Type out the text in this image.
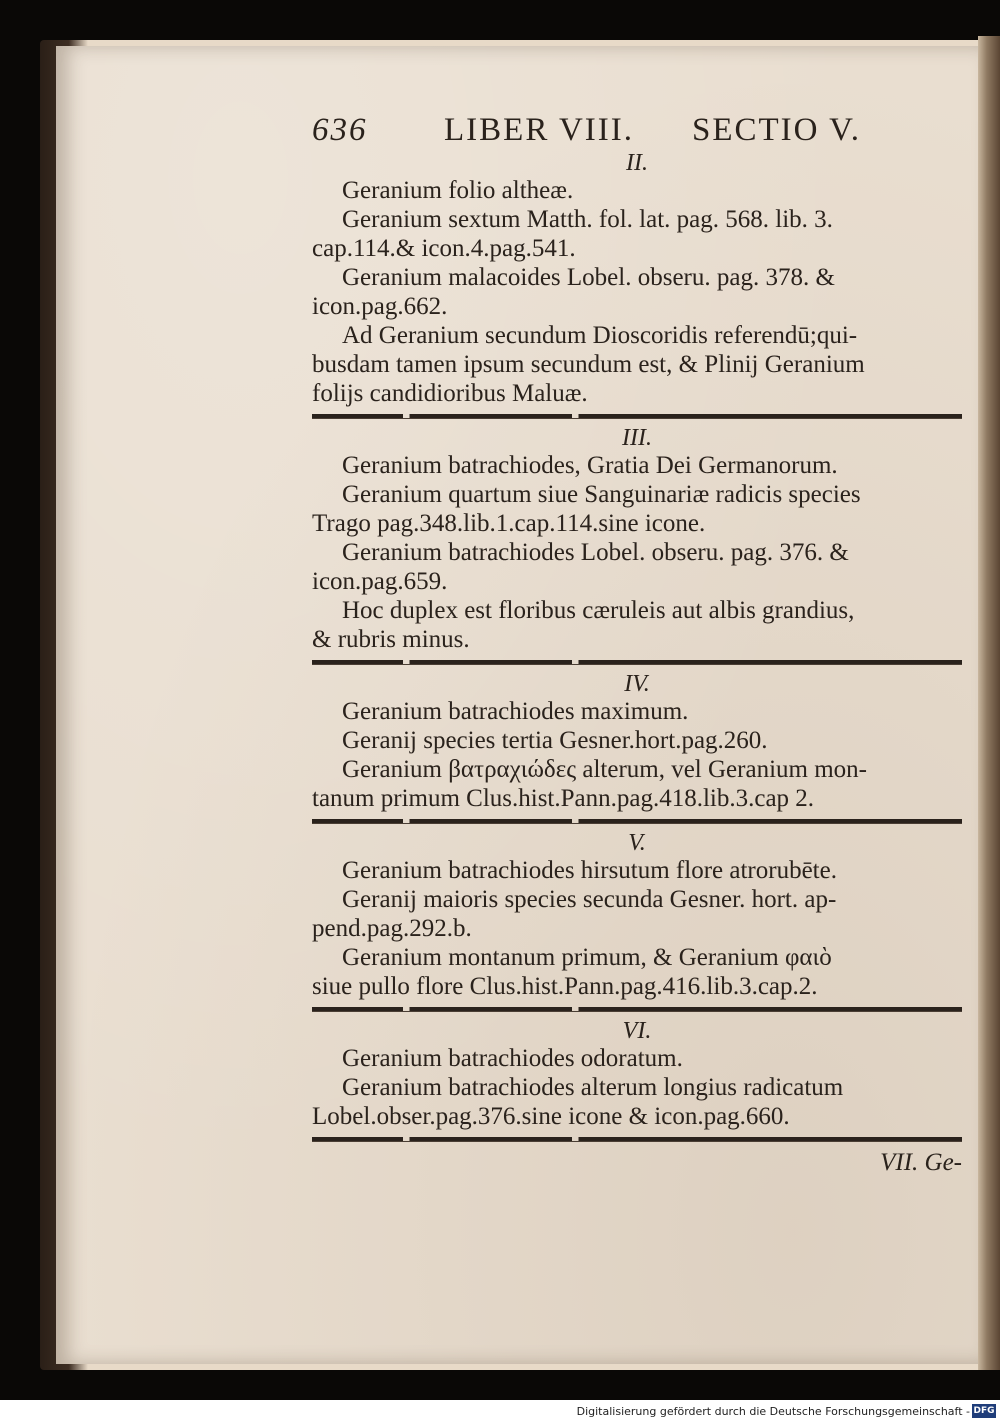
636 LIBER VIII. SECTIO V.
II.
Geranium folio altheæ.
Geranium sextum Matth. fol. lat. pag. 568. lib. 3.
cap.114.& icon.4.pag.541.
Geranium malacoides Lobel. obseru. pag. 378. &
icon.pag.662.
Ad Geranium secundum Dioscoridis referendū;qui-
busdam tamen ipsum secundum est, & Plinij Geranium
folijs candidioribus Maluæ.
III.
Geranium batrachiodes, Gratia Dei Germanorum.
Geranium quartum siue Sanguinariæ radicis species
Trago pag.348.lib.1.cap.114.sine icone.
Geranium batrachiodes Lobel. obseru. pag. 376. &
icon.pag.659.
Hoc duplex est floribus cæruleis aut albis grandius,
& rubris minus.
IV.
Geranium batrachiodes maximum.
Geranij species tertia Gesner.hort.pag.260.
Geranium βατραχιώδες alterum, vel Geranium mon-
tanum primum Clus.hist.Pann.pag.418.lib.3.cap 2.
V.
Geranium batrachiodes hirsutum flore atrorubēte.
Geranij maioris species secunda Gesner. hort. ap-
pend.pag.292.b.
Geranium montanum primum, & Geranium φαιὸ
siue pullo flore Clus.hist.Pann.pag.416.lib.3.cap.2.
VI.
Geranium batrachiodes odoratum.
Geranium batrachiodes alterum longius radicatum
Lobel.obser.pag.376.sine icone & icon.pag.660.
VII. Ge-
Digitalisierung gefördert durch die Deutsche Forschungsgemeinschaft - DFG
